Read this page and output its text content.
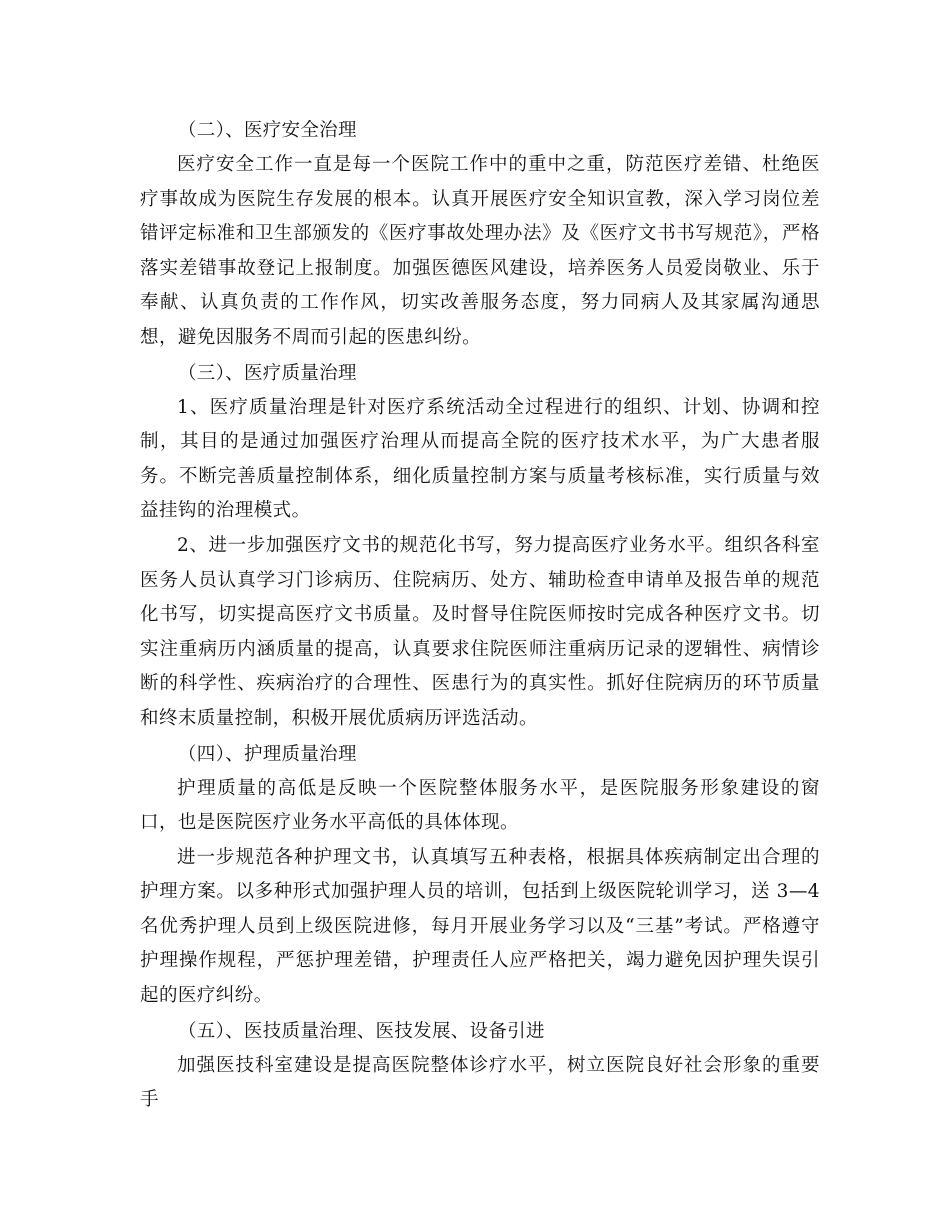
（二）、医疗安全治理

医疗安全工作一直是每一个医院工作中的重中之重，防范医疗差错、杜绝医疗事故成为医院生存发展的根本。认真开展医疗安全知识宣教，深入学习岗位差错评定标准和卫生部颁发的《医疗事故处理办法》及《医疗文书书写规范》，严格落实差错事故登记上报制度。加强医德医风建设，培养医务人员爱岗敬业、乐于奉献、认真负责的工作作风，切实改善服务态度，努力同病人及其家属沟通思想，避免因服务不周而引起的医患纠纷。

（三）、医疗质量治理

1、医疗质量治理是针对医疗系统活动全过程进行的组织、计划、协调和控制，其目的是通过加强医疗治理从而提高全院的医疗技术水平，为广大患者服务。不断完善质量控制体系，细化质量控制方案与质量考核标准，实行质量与效益挂钩的治理模式。

2、进一步加强医疗文书的规范化书写，努力提高医疗业务水平。组织各科室医务人员认真学习门诊病历、住院病历、处方、辅助检查申请单及报告单的规范化书写，切实提高医疗文书质量。及时督导住院医师按时完成各种医疗文书。切实注重病历内涵质量的提高，认真要求住院医师注重病历记录的逻辑性、病情诊断的科学性、疾病治疗的合理性、医患行为的真实性。抓好住院病历的环节质量和终末质量控制，积极开展优质病历评选活动。

（四）、护理质量治理

护理质量的高低是反映一个医院整体服务水平，是医院服务形象建设的窗口，也是医院医疗业务水平高低的具体体现。

进一步规范各种护理文书，认真填写五种表格，根据具体疾病制定出合理的护理方案。以多种形式加强护理人员的培训，包括到上级医院轮训学习，送 3—4 名优秀护理人员到上级医院进修，每月开展业务学习以及“三基”考试。严格遵守护理操作规程，严惩护理差错，护理责任人应严格把关，竭力避免因护理失误引起的医疗纠纷。

（五）、医技质量治理、医技发展、设备引进

加强医技科室建设是提高医院整体诊疗水平，树立医院良好社会形象的重要手
